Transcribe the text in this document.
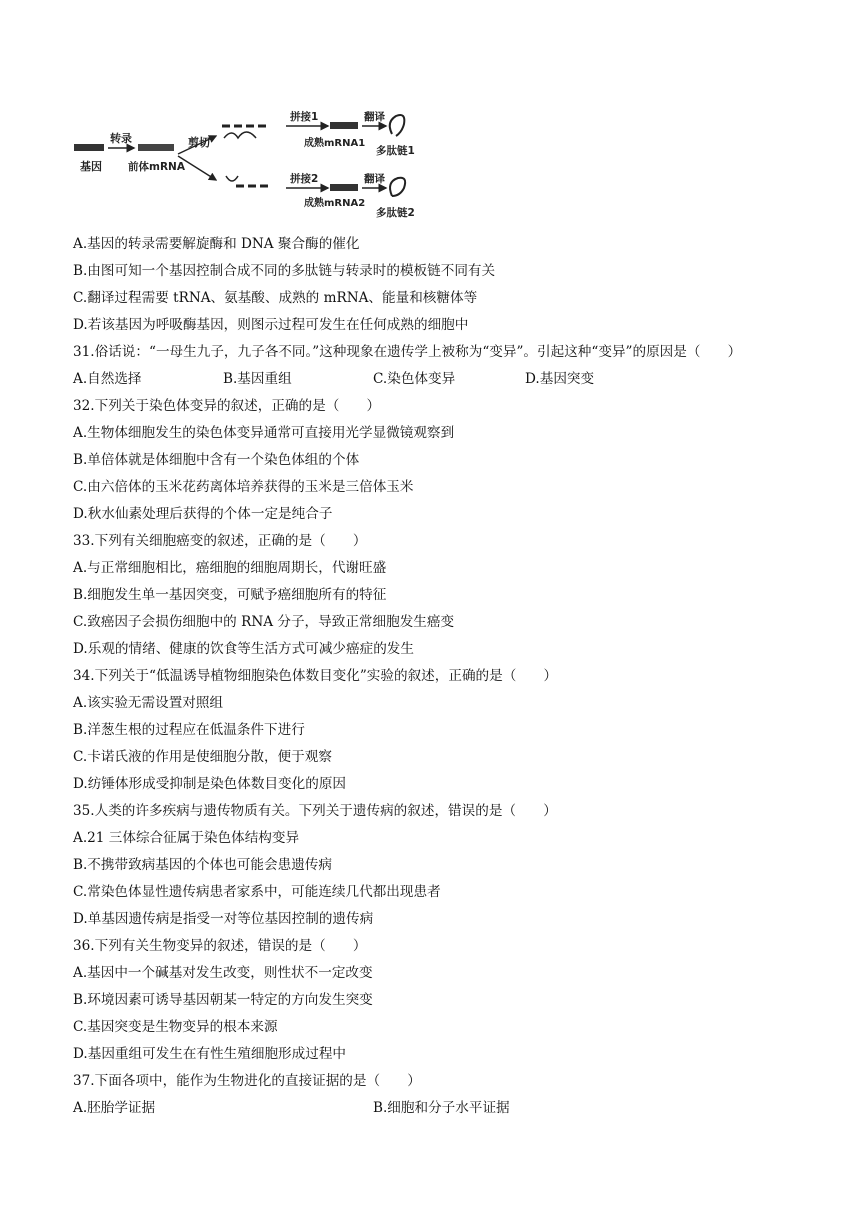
基因
转录
前体mRNA
剪切
拼接1
成熟mRNA1
翻译
多肽链1
拼接2
成熟mRNA2
翻译
多肽链2
A.基因的转录需要解旋酶和 DNA 聚合酶的催化
B.由图可知一个基因控制合成不同的多肽链与转录时的模板链不同有关
C.翻译过程需要 tRNA、氨基酸、成熟的 mRNA、能量和核糖体等
D.若该基因为呼吸酶基因，则图示过程可发生在任何成熟的细胞中
31.俗话说：“一母生九子，九子各不同。”这种现象在遗传学上被称为“变异”。引起这种“变异”的原因是（　　）
A.自然选择	B.基因重组	C.染色体变异	D.基因突变
32.下列关于染色体变异的叙述，正确的是（　　）
A.生物体细胞发生的染色体变异通常可直接用光学显微镜观察到
B.单倍体就是体细胞中含有一个染色体组的个体
C.由六倍体的玉米花药离体培养获得的玉米是三倍体玉米
D.秋水仙素处理后获得的个体一定是纯合子
33.下列有关细胞癌变的叙述，正确的是（　　）
A.与正常细胞相比，癌细胞的细胞周期长，代谢旺盛
B.细胞发生单一基因突变，可赋予癌细胞所有的特征
C.致癌因子会损伤细胞中的 RNA 分子，导致正常细胞发生癌变
D.乐观的情绪、健康的饮食等生活方式可减少癌症的发生
34.下列关于“低温诱导植物细胞染色体数目变化”实验的叙述，正确的是（　　）
A.该实验无需设置对照组
B.洋葱生根的过程应在低温条件下进行
C.卡诺氏液的作用是使细胞分散，便于观察
D.纺锤体形成受抑制是染色体数目变化的原因
35.人类的许多疾病与遗传物质有关。下列关于遗传病的叙述，错误的是（　　）
A.21 三体综合征属于染色体结构变异
B.不携带致病基因的个体也可能会患遗传病
C.常染色体显性遗传病患者家系中，可能连续几代都出现患者
D.单基因遗传病是指受一对等位基因控制的遗传病
36.下列有关生物变异的叙述，错误的是（　　）
A.基因中一个碱基对发生改变，则性状不一定改变
B.环境因素可诱导基因朝某一特定的方向发生突变
C.基因突变是生物变异的根本来源
D.基因重组可发生在有性生殖细胞形成过程中
37.下面各项中，能作为生物进化的直接证据的是（　　）
A.胚胎学证据	B.细胞和分子水平证据
